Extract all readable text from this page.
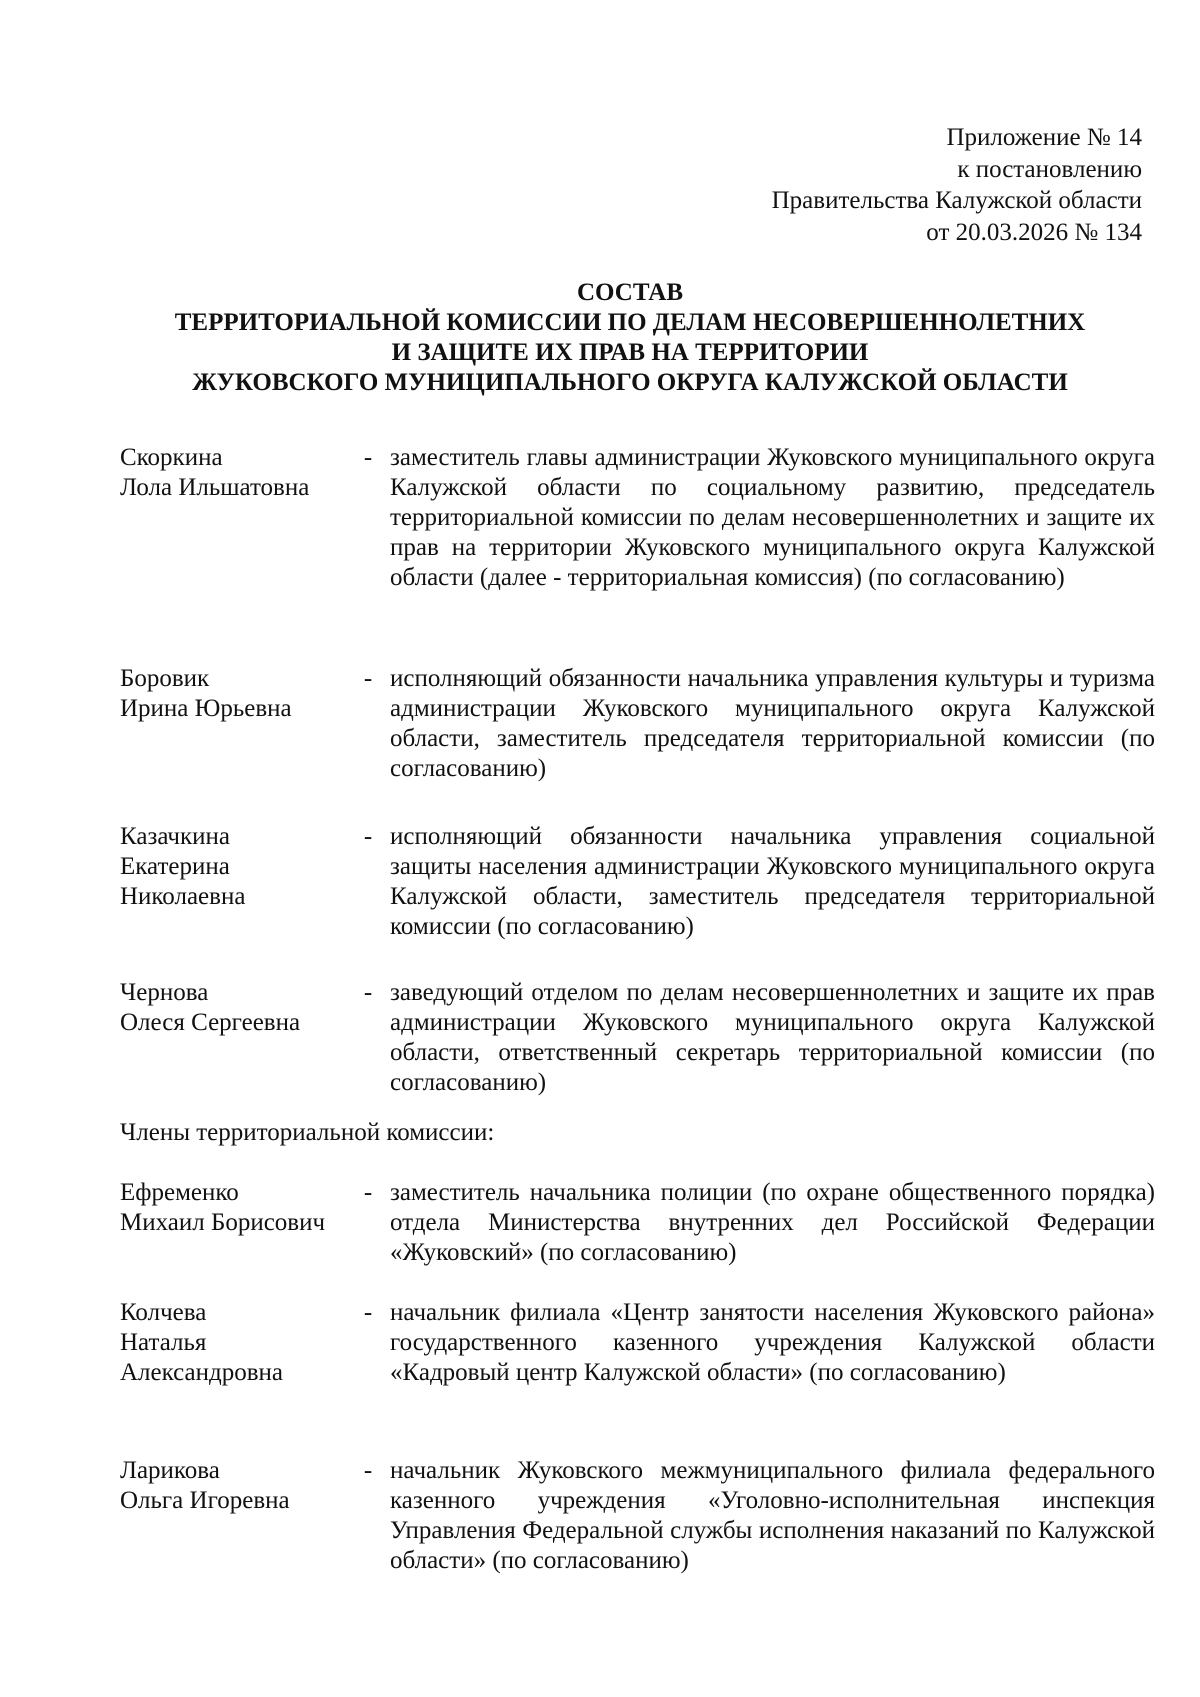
Приложение № 14
к постановлению
Правительства Калужской области
от 20.03.2026 № 134
СОСТАВ
ТЕРРИТОРИАЛЬНОЙ КОМИССИИ ПО ДЕЛАМ НЕСОВЕРШЕННОЛЕТНИХ
И ЗАЩИТЕ ИХ ПРАВ НА ТЕРРИТОРИИ
ЖУКОВСКОГО МУНИЦИПАЛЬНОГО ОКРУГА КАЛУЖСКОЙ ОБЛАСТИ
Скоркина
Лола Ильшатовна
- заместитель главы администрации Жуковского муниципального округа Калужской области по социальному развитию, председатель территориальной комиссии по делам несовершеннолетних и защите их прав на территории Жуковского муниципального округа Калужской области (далее - территориальная комиссия) (по согласованию)
Боровик
Ирина Юрьевна
- исполняющий обязанности начальника управления культуры и туризма администрации Жуковского муниципального округа Калужской области, заместитель председателя территориальной комиссии (по согласованию)
Казачкина
Екатерина
Николаевна
- исполняющий обязанности начальника управления социальной защиты населения администрации Жуковского муниципального округа Калужской области, заместитель председателя территориальной комиссии (по согласованию)
Чернова
Олеся Сергеевна
- заведующий отделом по делам несовершеннолетних и защите их прав администрации Жуковского муниципального округа Калужской области, ответственный секретарь территориальной комиссии (по согласованию)
Члены территориальной комиссии:
Ефременко
Михаил Борисович
- заместитель начальника полиции (по охране общественного порядка) отдела Министерства внутренних дел Российской Федерации «Жуковский» (по согласованию)
Колчева
Наталья
Александровна
- начальник филиала «Центр занятости населения Жуковского района» государственного казенного учреждения Калужской области «Кадровый центр Калужской области» (по согласованию)
Ларикова
Ольга Игоревна
- начальник Жуковского межмуниципального филиала федерального казенного учреждения «Уголовно-исполнительная инспекция Управления Федеральной службы исполнения наказаний по Калужской области» (по согласованию)
